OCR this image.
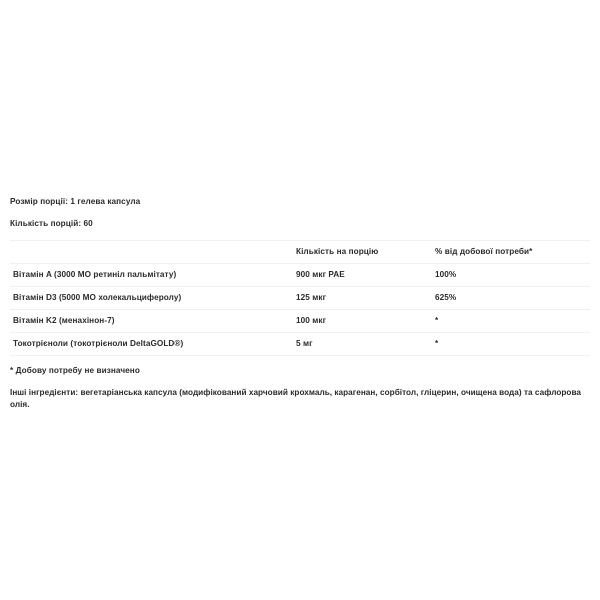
Розмір порції: 1 гелева капсула
Кількість порцій: 60
	Кількість на порцію	% від добової потреби*
Вітамін A (3000 МО ретиніл пальмітату)	900 мкг РАЕ	100%
Вітамін D3 (5000 МО холекальциферолу)	125 мкг	625%
Вітамін K2 (менахінон-7)	100 мкг	*
Токотрієноли (токотрієноли DeltaGOLD®)	5 мг	*
* Добову потребу не визначено
Інші інгредієнти: вегетаріанська капсула (модифікований харчовий крохмаль, карагенан, сорбітол, гліцерин, очищена вода) та сафлорова олія.
